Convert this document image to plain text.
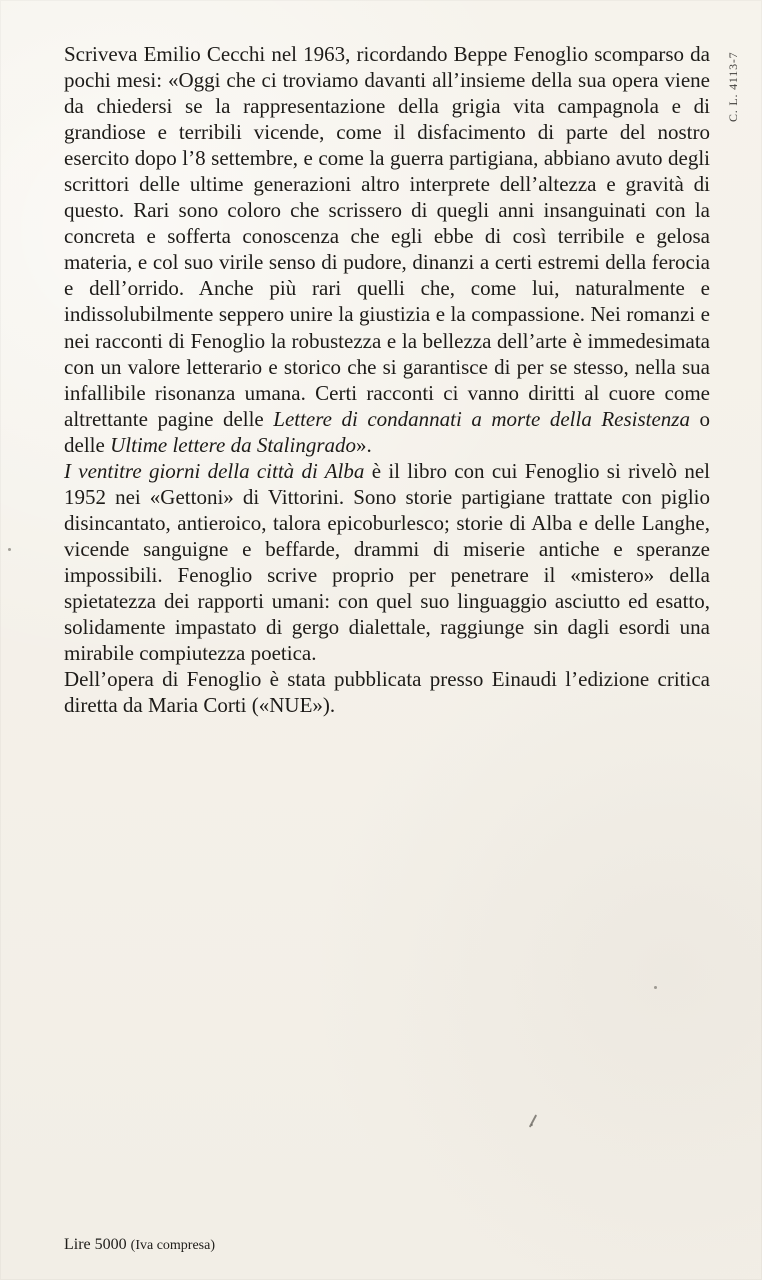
C. L. 4113-7

Scriveva Emilio Cecchi nel 1963, ricordando Beppe Fenoglio scomparso da pochi mesi: «Oggi che ci troviamo davanti all’insieme della sua opera viene da chiedersi se la rappresentazione della grigia vita campagnola e di grandiose e terribili vicende, come il disfacimento di parte del nostro esercito dopo l’8 settembre, e come la guerra partigiana, abbiano avuto degli scrittori delle ultime generazioni altro interprete dell’altezza e gravità di questo. Rari sono coloro che scrissero di quegli anni insanguinati con la concreta e sofferta conoscenza che egli ebbe di così terribile e gelosa materia, e col suo virile senso di pudore, dinanzi a certi estremi della ferocia e dell’orrido. Anche più rari quelli che, come lui, naturalmente e indissolubilmente seppero unire la giustizia e la compassione. Nei romanzi e nei racconti di Fenoglio la robustezza e la bellezza dell’arte è immedesimata con un valore letterario e storico che si garantisce di per se stesso, nella sua infallibile risonanza umana. Certi racconti ci vanno diritti al cuore come altrettante pagine delle Lettere di condannati a morte della Resistenza o delle Ultime lettere da Stalingrado».

I ventitre giorni della città di Alba è il libro con cui Fenoglio si rivelò nel 1952 nei «Gettoni» di Vittorini. Sono storie partigiane trattate con piglio disincantato, antieroico, talora epicoburlesco; storie di Alba e delle Langhe, vicende sanguigne e beffarde, drammi di miserie antiche e speranze impossibili. Fenoglio scrive proprio per penetrare il «mistero» della spietatezza dei rapporti umani: con quel suo linguaggio asciutto ed esatto, solidamente impastato di gergo dialettale, raggiunge sin dagli esordi una mirabile compiutezza poetica.

Dell’opera di Fenoglio è stata pubblicata presso Einaudi l’edizione critica diretta da Maria Corti («NUE»).

Lire 5000 (Iva compresa)
